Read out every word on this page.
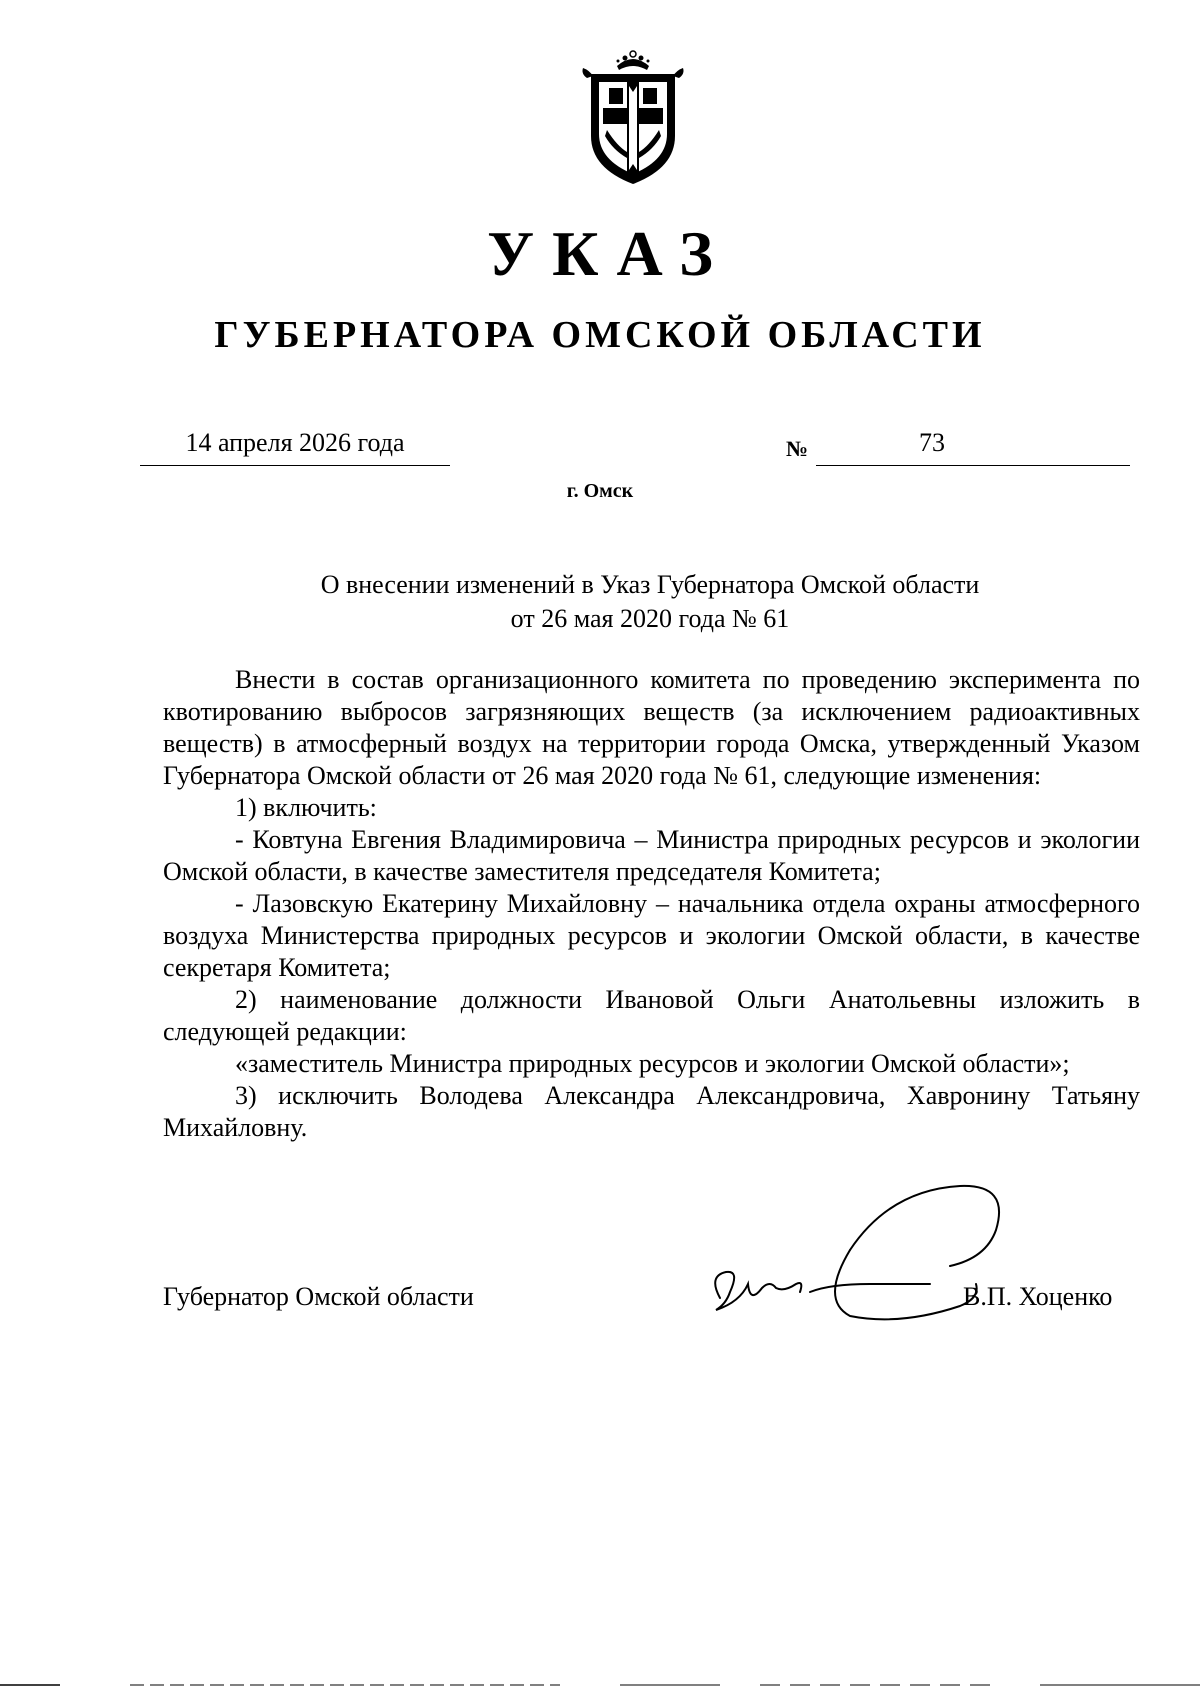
УКАЗ
ГУБЕРНАТОРА ОМСКОЙ ОБЛАСТИ
14 апреля 2026 года	№	73
г. Омск
О внесении изменений в Указ Губернатора Омской области
от 26 мая 2020 года № 61

Внести в состав организационного комитета по проведению эксперимента по квотированию выбросов загрязняющих веществ (за исключением радиоактивных веществ) в атмосферный воздух на территории города Омска, утвержденный Указом Губернатора Омской области от 26 мая 2020 года № 61, следующие изменения:

1) включить:

- Ковтуна Евгения Владимировича – Министра природных ресурсов и экологии Омской области, в качестве заместителя председателя Комитета;

- Лазовскую Екатерину Михайловну – начальника отдела охраны атмосферного воздуха Министерства природных ресурсов и экологии Омской области, в качестве секретаря Комитета;

2) наименование должности Ивановой Ольги Анатольевны изложить в следующей редакции:

«заместитель Министра природных ресурсов и экологии Омской области»;

3) исключить Володева Александра Александровича, Хавронину Татьяну Михайловну.

Губернатор Омской области	В.П. Хоценко
